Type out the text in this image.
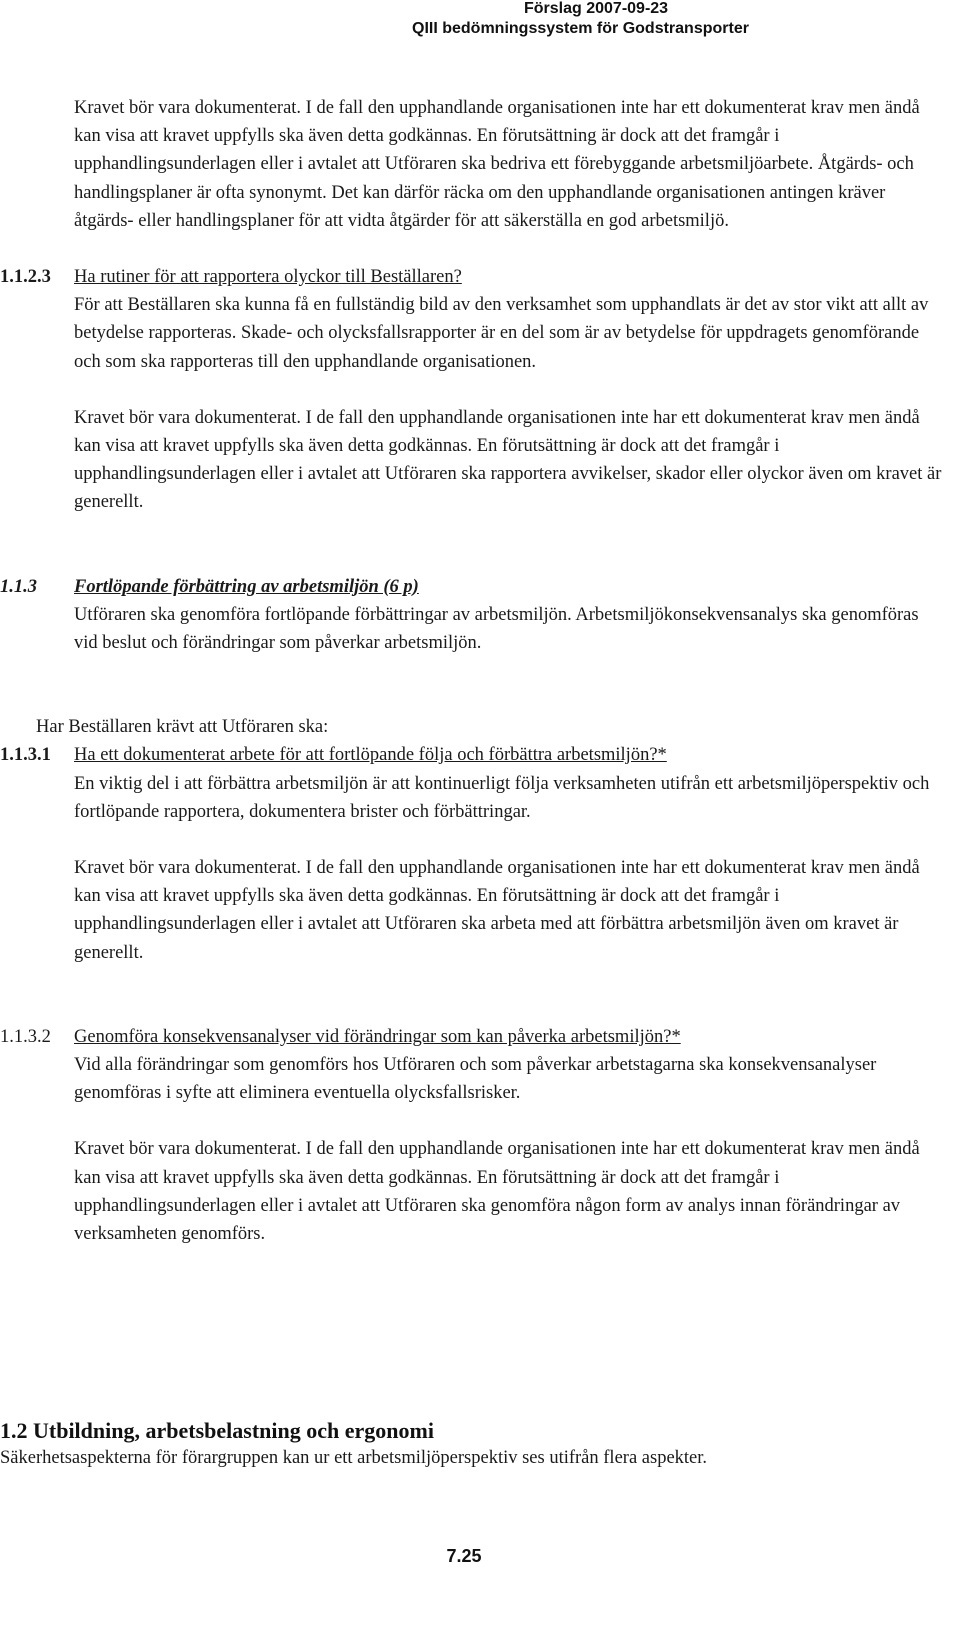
Förslag 2007-09-23
QIII bedömningssystem för Godstransporter

Kravet bör vara dokumenterat. I de fall den upphandlande organisationen inte har ett dokumenterat krav men ändå kan visa att kravet uppfylls ska även detta godkännas. En förutsättning är dock att det framgår i upphandlingsunderlagen eller i avtalet att Utföraren ska bedriva ett förebyggande arbetsmiljöarbete. Åtgärds- och handlingsplaner är ofta synonymt. Det kan därför räcka om den upphandlande organisationen antingen kräver åtgärds- eller handlingsplaner för att vidta åtgärder för att säkerställa en god arbetsmiljö.

1.1.2.3 Ha rutiner för att rapportera olyckor till Beställaren?

För att Beställaren ska kunna få en fullständig bild av den verksamhet som upphandlats är det av stor vikt att allt av betydelse rapporteras. Skade- och olycksfallsrapporter är en del som är av betydelse för uppdragets genomförande och som ska rapporteras till den upphandlande organisationen.

Kravet bör vara dokumenterat. I de fall den upphandlande organisationen inte har ett dokumenterat krav men ändå kan visa att kravet uppfylls ska även detta godkännas. En förutsättning är dock att det framgår i upphandlingsunderlagen eller i avtalet att Utföraren ska rapportera avvikelser, skador eller olyckor även om kravet är generellt.

1.1.3 Fortlöpande förbättring av arbetsmiljön (6 p)

Utföraren ska genomföra fortlöpande förbättringar av arbetsmiljön. Arbetsmiljökonsekvensanalys ska genomföras vid beslut och förändringar som påverkar arbetsmiljön.

Har Beställaren krävt att Utföraren ska:

1.1.3.1 Ha ett dokumenterat arbete för att fortlöpande följa och förbättra arbetsmiljön?*

En viktig del i att förbättra arbetsmiljön är att kontinuerligt följa verksamheten utifrån ett arbetsmiljöperspektiv och fortlöpande rapportera, dokumentera brister och förbättringar.

Kravet bör vara dokumenterat. I de fall den upphandlande organisationen inte har ett dokumenterat krav men ändå kan visa att kravet uppfylls ska även detta godkännas. En förutsättning är dock att det framgår i upphandlingsunderlagen eller i avtalet att Utföraren ska arbeta med att förbättra arbetsmiljön även om kravet är generellt.

1.1.3.2 Genomföra konsekvensanalyser vid förändringar som kan påverka arbetsmiljön?*

Vid alla förändringar som genomförs hos Utföraren och som påverkar arbetstagarna ska konsekvensanalyser genomföras i syfte att eliminera eventuella olycksfallsrisker.

Kravet bör vara dokumenterat. I de fall den upphandlande organisationen inte har ett dokumenterat krav men ändå kan visa att kravet uppfylls ska även detta godkännas. En förutsättning är dock att det framgår i upphandlingsunderlagen eller i avtalet att Utföraren ska genomföra någon form av analys innan förändringar av verksamheten genomförs.

1.2 Utbildning, arbetsbelastning och ergonomi
Säkerhetsaspekterna för förargruppen kan ur ett arbetsmiljöperspektiv ses utifrån flera aspekter.
7.25
